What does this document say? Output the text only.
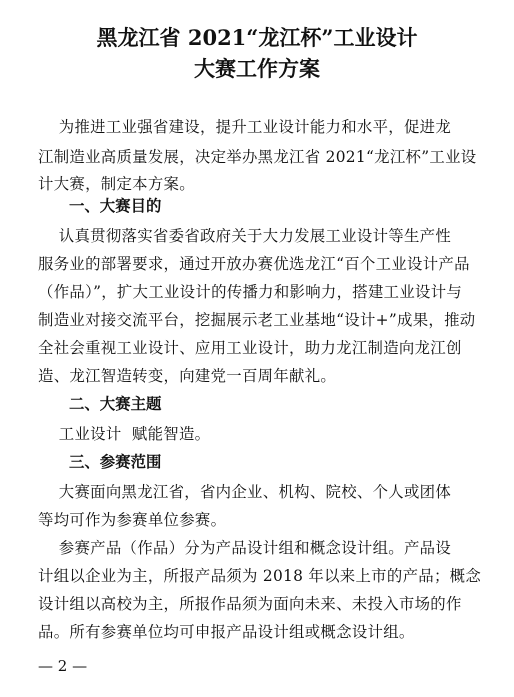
黑龙江省 2021“龙江杯”工业设计
大赛工作方案
为推进工业强省建设，提升工业设计能力和水平，促进龙
江制造业高质量发展，决定举办黑龙江省 2021“龙江杯”工业设
计大赛，制定本方案。
一、大赛目的
认真贯彻落实省委省政府关于大力发展工业设计等生产性
服务业的部署要求，通过开放办赛优选龙江“百个工业设计产品
（作品）”，扩大工业设计的传播力和影响力，搭建工业设计与
制造业对接交流平台，挖掘展示老工业基地“设计+”成果，推动
全社会重视工业设计、应用工业设计，助力龙江制造向龙江创
造、龙江智造转变，向建党一百周年献礼。
二、大赛主题
工业设计  赋能智造。
三、参赛范围
大赛面向黑龙江省，省内企业、机构、院校、个人或团体
等均可作为参赛单位参赛。
参赛产品（作品）分为产品设计组和概念设计组。产品设
计组以企业为主，所报产品须为 2018 年以来上市的产品；概念
设计组以高校为主，所报作品须为面向未来、未投入市场的作
品。所有参赛单位均可申报产品设计组或概念设计组。
— 2 —
